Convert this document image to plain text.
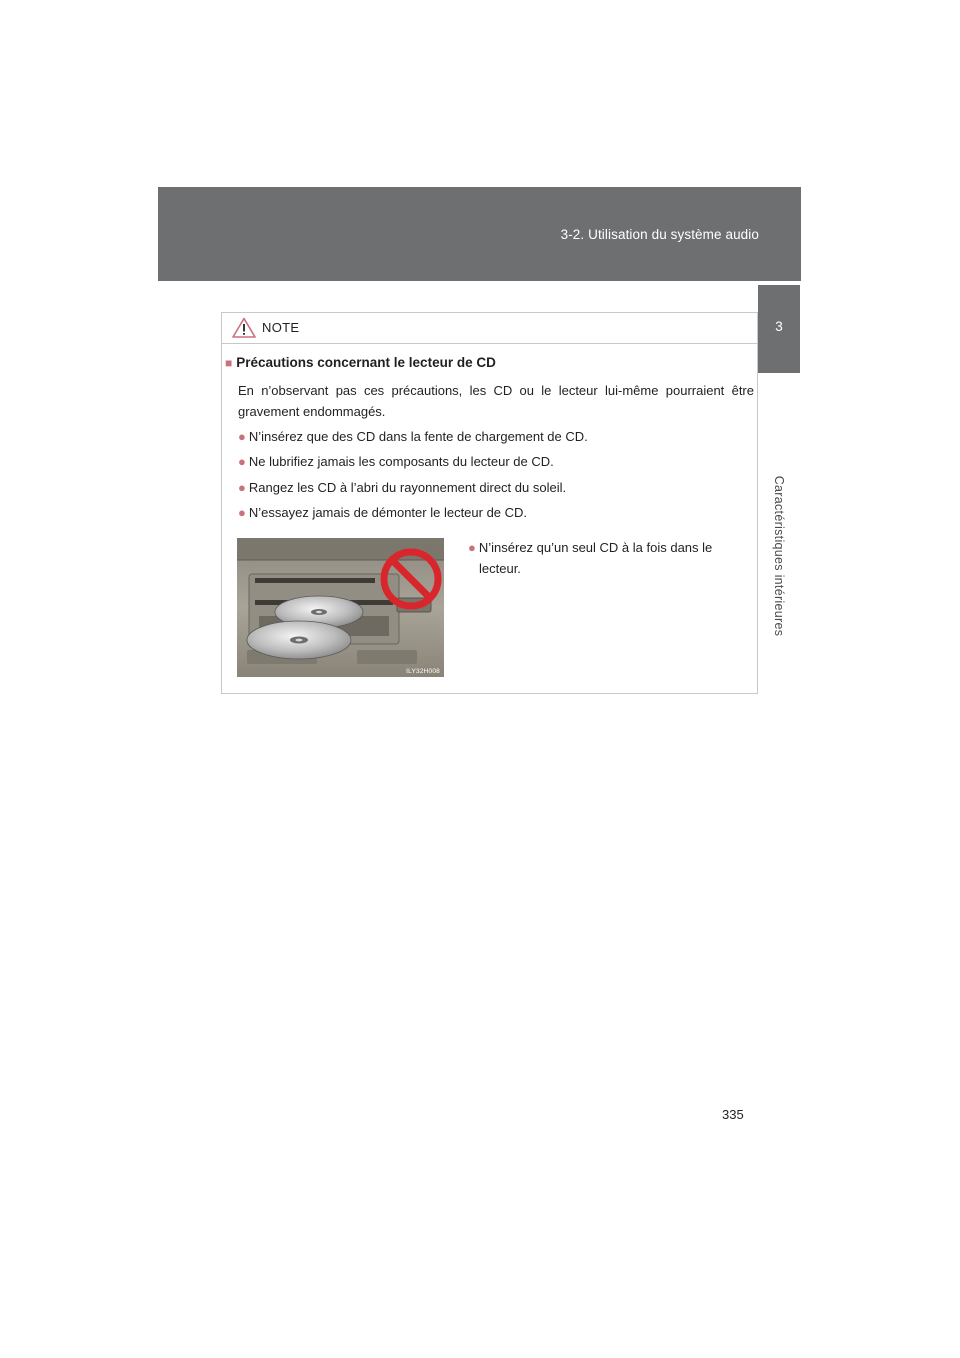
3-2. Utilisation du système audio
3
Caractéristiques intérieures
NOTE
■ Précautions concernant le lecteur de CD
En n’observant pas ces précautions, les CD ou le lecteur lui-même pourraient être gravement endommagés.
● N’insérez que des CD dans la fente de chargement de CD.
● Ne lubrifiez jamais les composants du lecteur de CD.
● Rangez les CD à l’abri du rayonnement direct du soleil.
● N’essayez jamais de démonter le lecteur de CD.
ILY32H008
● N’insérez qu’un seul CD à la fois dans le
lecteur.
335
